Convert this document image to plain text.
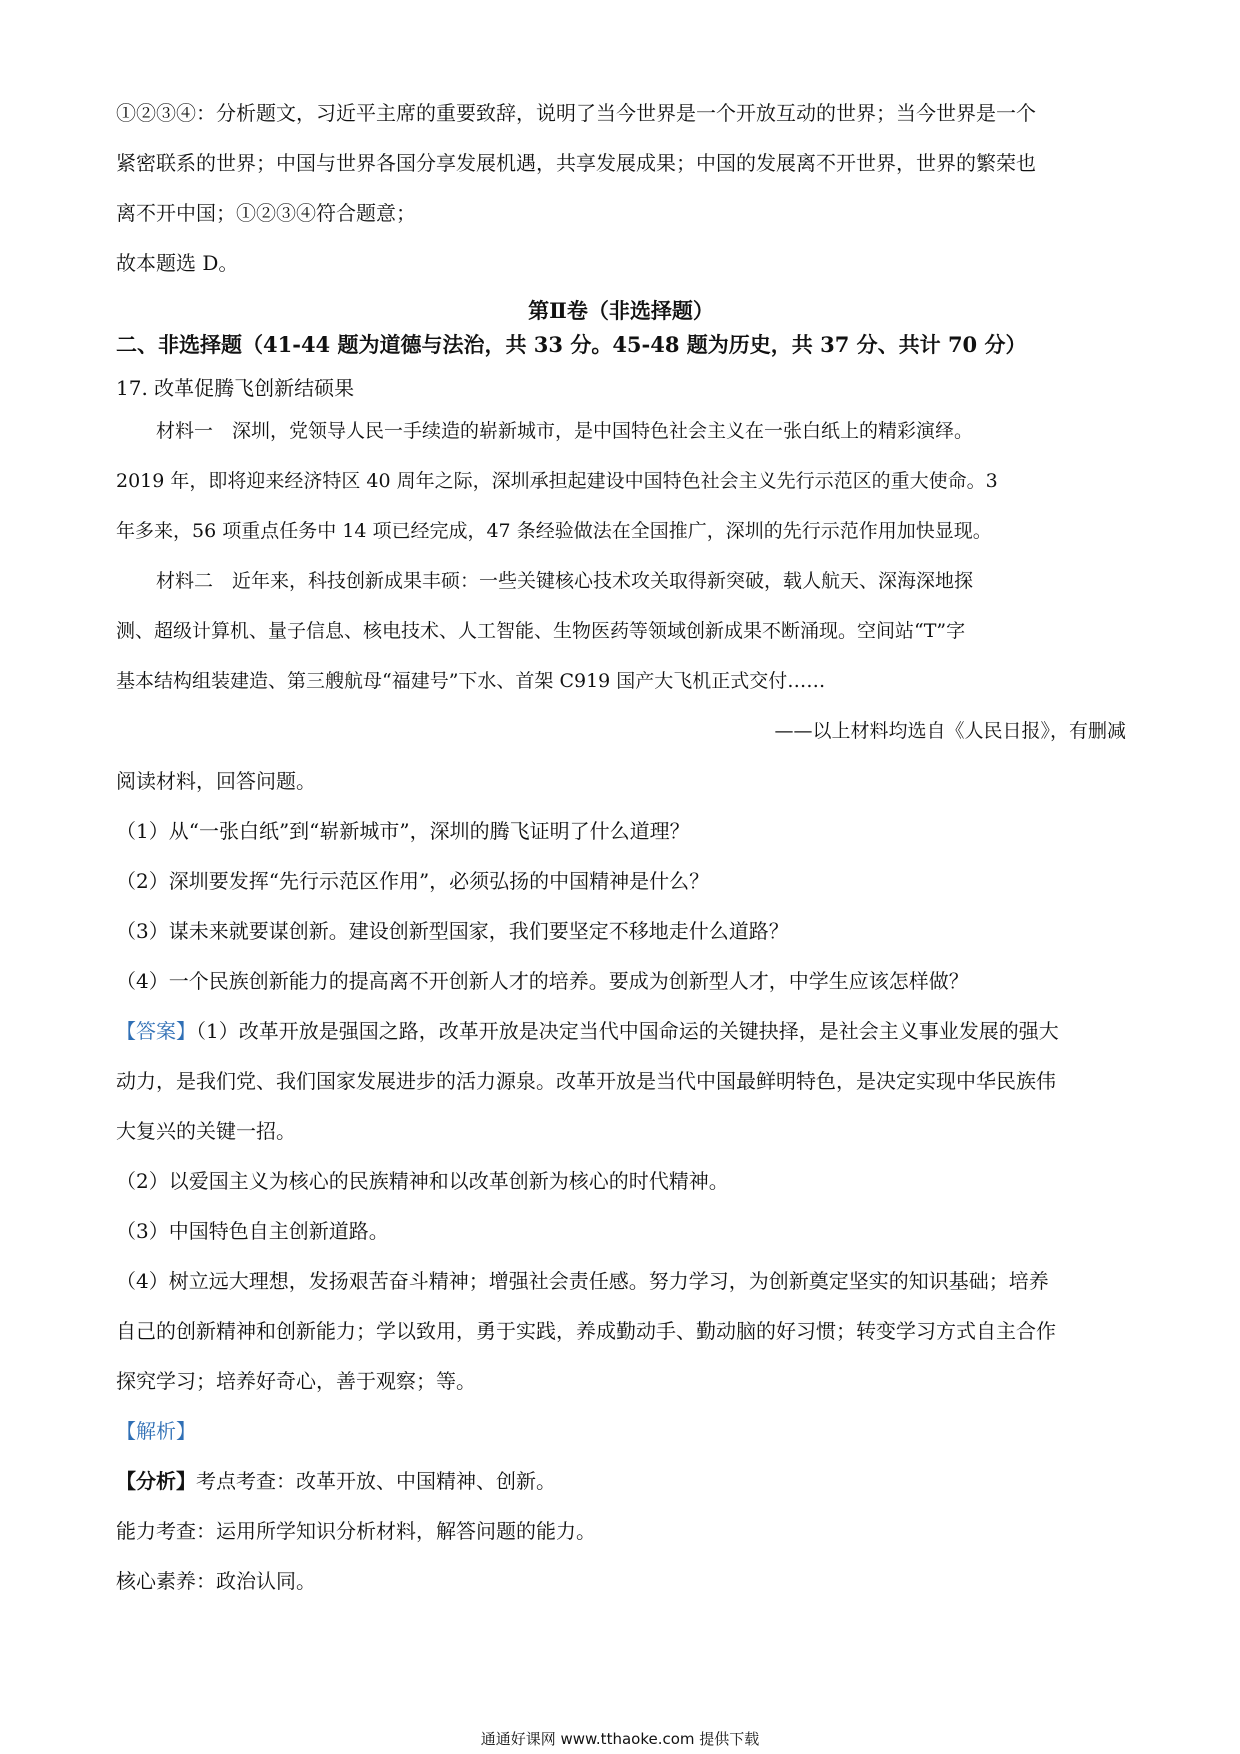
①②③④：分析题文，习近平主席的重要致辞，说明了当今世界是一个开放互动的世界；当今世界是一个

紧密联系的世界；中国与世界各国分享发展机遇，共享发展成果；中国的发展离不开世界，世界的繁荣也

离不开中国；①②③④符合题意；

故本题选 D。

第Ⅱ卷（非选择题）
二、非选择题（41-44 题为道德与法治，共 33 分。45-48 题为历史，共 37 分、共计 70 分）

17. 改革促腾飞创新结硕果

材料一　深圳，党领导人民一手续造的崭新城市，是中国特色社会主义在一张白纸上的精彩演绎。

2019 年，即将迎来经济特区 40 周年之际，深圳承担起建设中国特色社会主义先行示范区的重大使命。3

年多来，56 项重点任务中 14 项已经完成，47 条经验做法在全国推广，深圳的先行示范作用加快显现。

材料二　近年来，科技创新成果丰硕：一些关键核心技术攻关取得新突破，载人航天、深海深地探

测、超级计算机、量子信息、核电技术、人工智能、生物医药等领域创新成果不断涌现。空间站“T”字

基本结构组装建造、第三艘航母“福建号”下水、首架 C919 国产大飞机正式交付……

——以上材料均选自《人民日报》，有删减

阅读材料，回答问题。

（1）从“一张白纸”到“崭新城市”，深圳的腾飞证明了什么道理？

（2）深圳要发挥“先行示范区作用”，必须弘扬的中国精神是什么？

（3）谋未来就要谋创新。建设创新型国家，我们要坚定不移地走什么道路？

（4）一个民族创新能力的提高离不开创新人才的培养。要成为创新型人才，中学生应该怎样做？

【答案】（1）改革开放是强国之路，改革开放是决定当代中国命运的关键抉择，是社会主义事业发展的强大

动力，是我们党、我们国家发展进步的活力源泉。改革开放是当代中国最鲜明特色，是决定实现中华民族伟

大复兴的关键一招。

（2）以爱国主义为核心的民族精神和以改革创新为核心的时代精神。

（3）中国特色自主创新道路。

（4）树立远大理想，发扬艰苦奋斗精神；增强社会责任感。努力学习，为创新奠定坚实的知识基础；培养

自己的创新精神和创新能力；学以致用，勇于实践，养成勤动手、勤动脑的好习惯；转变学习方式自主合作

探究学习；培养好奇心，善于观察；等。

【解析】

【分析】考点考查：改革开放、中国精神、创新。

能力考查：运用所学知识分析材料，解答问题的能力。

核心素养：政治认同。

通通好课网 www.tthaoke.com 提供下载
